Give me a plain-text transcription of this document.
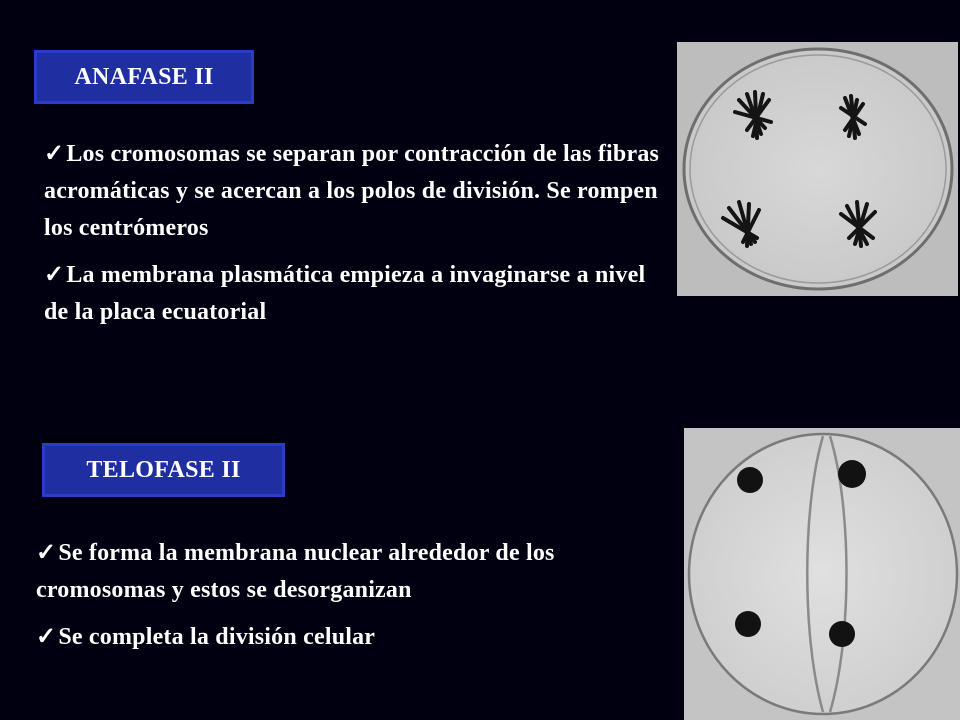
ANAFASE II

✓Los cromosomas se separan por contracción de las fibras acromáticas y se acercan a los polos de división. Se rompen los centrómeros

✓La membrana plasmática empieza a invaginarse a nivel de la placa ecuatorial

TELOFASE II

✓Se forma la membrana nuclear alrededor de los cromosomas y estos se desorganizan

✓Se completa la división celular
